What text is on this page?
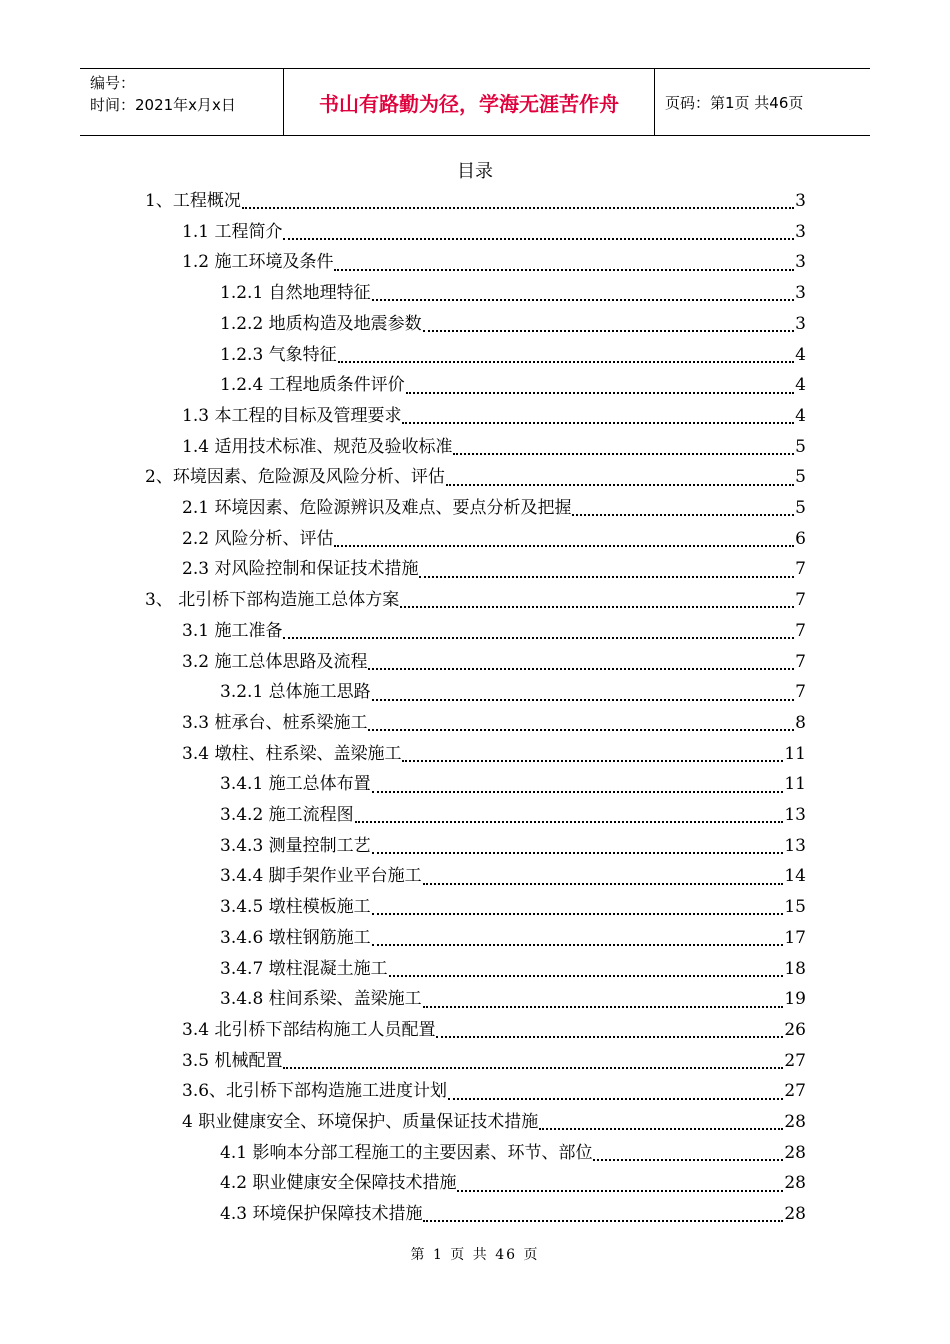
编号：
时间：2021年x月x日	书山有路勤为径，学海无涯苦作舟	页码：第1页 共46页
目录
1、工程概况	3
1.1 工程简介	3
1.2 施工环境及条件	3
1.2.1 自然地理特征	3
1.2.2 地质构造及地震参数	3
1.2.3 气象特征	4
1.2.4 工程地质条件评价	4
1.3 本工程的目标及管理要求	4
1.4 适用技术标准、规范及验收标准	5
2、环境因素、危险源及风险分析、评估	5
2.1 环境因素、危险源辨识及难点、要点分析及把握	5
2.2 风险分析、评估	6
2.3 对风险控制和保证技术措施	7
3、 北引桥下部构造施工总体方案	7
3.1 施工准备	7
3.2 施工总体思路及流程	7
3.2.1 总体施工思路	7
3.3 桩承台、桩系梁施工	8
3.4 墩柱、柱系梁、盖梁施工	11
3.4.1 施工总体布置	11
3.4.2 施工流程图	13
3.4.3 测量控制工艺	13
3.4.4 脚手架作业平台施工	14
3.4.5 墩柱模板施工	15
3.4.6 墩柱钢筋施工	17
3.4.7 墩柱混凝土施工	18
3.4.8 柱间系梁、盖梁施工	19
3.4 北引桥下部结构施工人员配置	26
3.5 机械配置	27
3.6、北引桥下部构造施工进度计划	27
4 职业健康安全、环境保护、质量保证技术措施	28
4.1 影响本分部工程施工的主要因素、环节、部位	28
4.2 职业健康安全保障技术措施	28
4.3 环境保护保障技术措施	28
第 1 页 共 46 页
